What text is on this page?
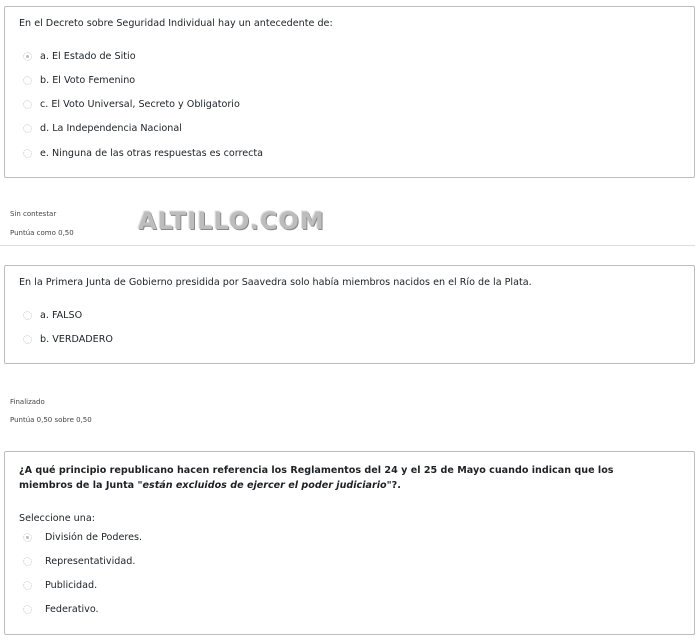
En el Decreto sobre Seguridad Individual hay un antecedente de:
a. El Estado de Sitio
b. El Voto Femenino
c. El Voto Universal, Secreto y Obligatorio
d. La Independencia Nacional
e. Ninguna de las otras respuestas es correcta
Sin contestar
Puntúa como 0,50	ALTILLO.COM
En la Primera Junta de Gobierno presidida por Saavedra solo había miembros nacidos en el Río de la Plata.
a. FALSO
b. VERDADERO
Finalizado
Puntúa 0,50 sobre 0,50
¿A qué principio republicano hacen referencia los Reglamentos del 24 y el 25 de Mayo cuando indican que los miembros de la Junta "están excluidos de ejercer el poder judiciario"?.
Seleccione una:
División de Poderes.
Representatividad.
Publicidad.
Federativo.
